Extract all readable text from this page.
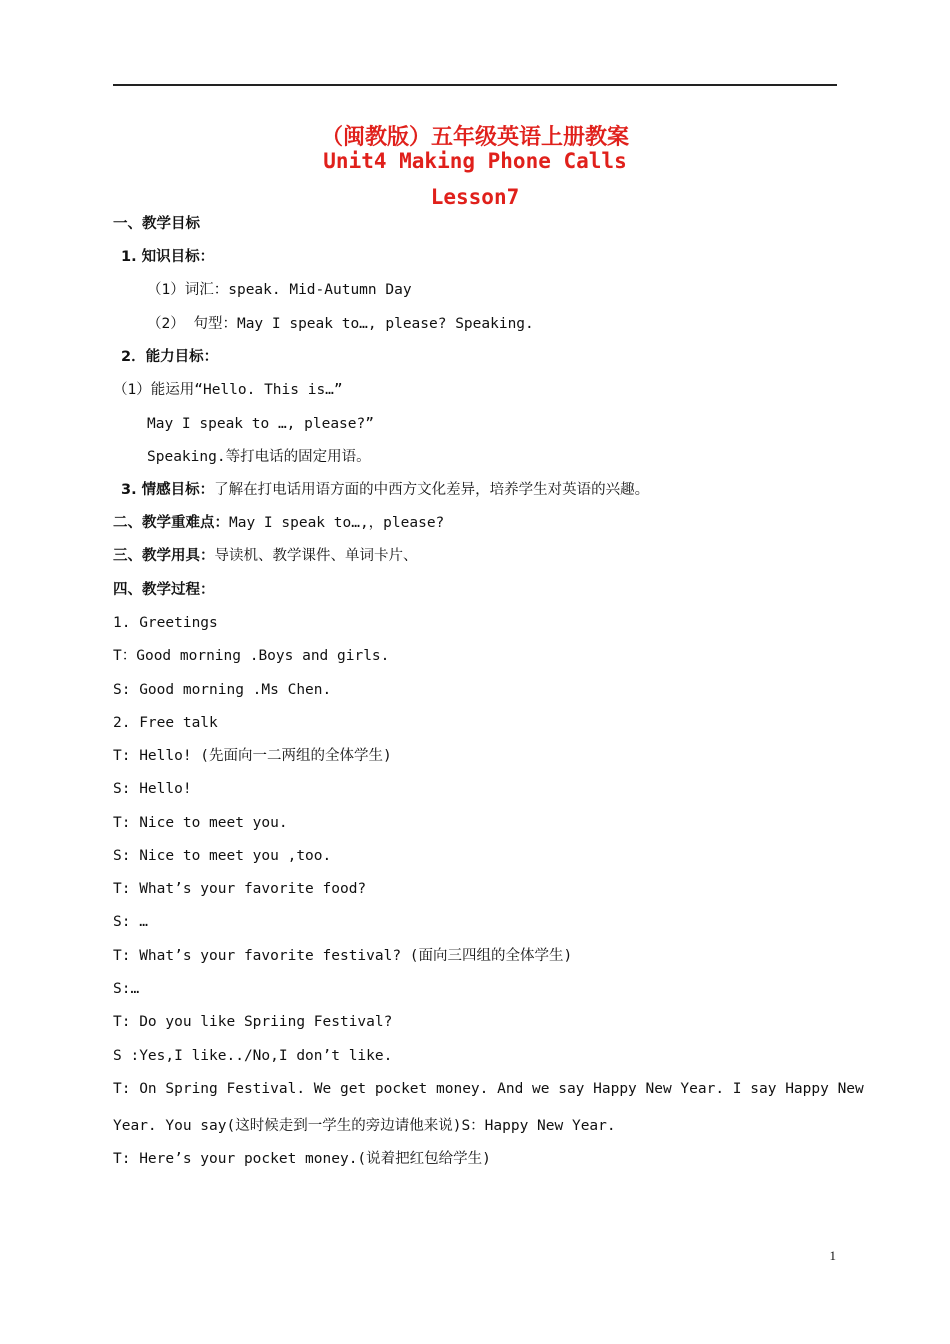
（闽教版）五年级英语上册教案
Unit4 Making Phone Calls
Lesson7
一、教学目标
1. 知识目标：
（1）词汇：speak. Mid-Autumn Day
（2） 句型：May I speak to…, please? Speaking.
2．能力目标：
（1）能运用“Hello. This is…”
May I speak to …, please?”
Speaking.等打电话的固定用语。
3. 情感目标：了解在打电话用语方面的中西方文化差异，培养学生对英语的兴趣。
二、教学重难点：May I speak to…,，please?
三、教学用具：导读机、教学课件、单词卡片、
四、教学过程：
1. Greetings
T：Good morning .Boys and girls.
S: Good morning .Ms Chen.
2. Free talk
T: Hello! (先面向一二两组的全体学生)
S: Hello!
T: Nice to meet you.
S: Nice to meet you ,too.
T: What’s your favorite food?
S: …
T: What’s your favorite festival? (面向三四组的全体学生)
S:…
T: Do you like Spriing Festival?
S :Yes,I like../No,I don’t like.
T: On Spring Festival. We get pocket money. And we say Happy New Year. I say Happy New
Year. You say(这时候走到一学生的旁边请他来说)S：Happy New Year.
T: Here’s your pocket money.(说着把红包给学生)
1
